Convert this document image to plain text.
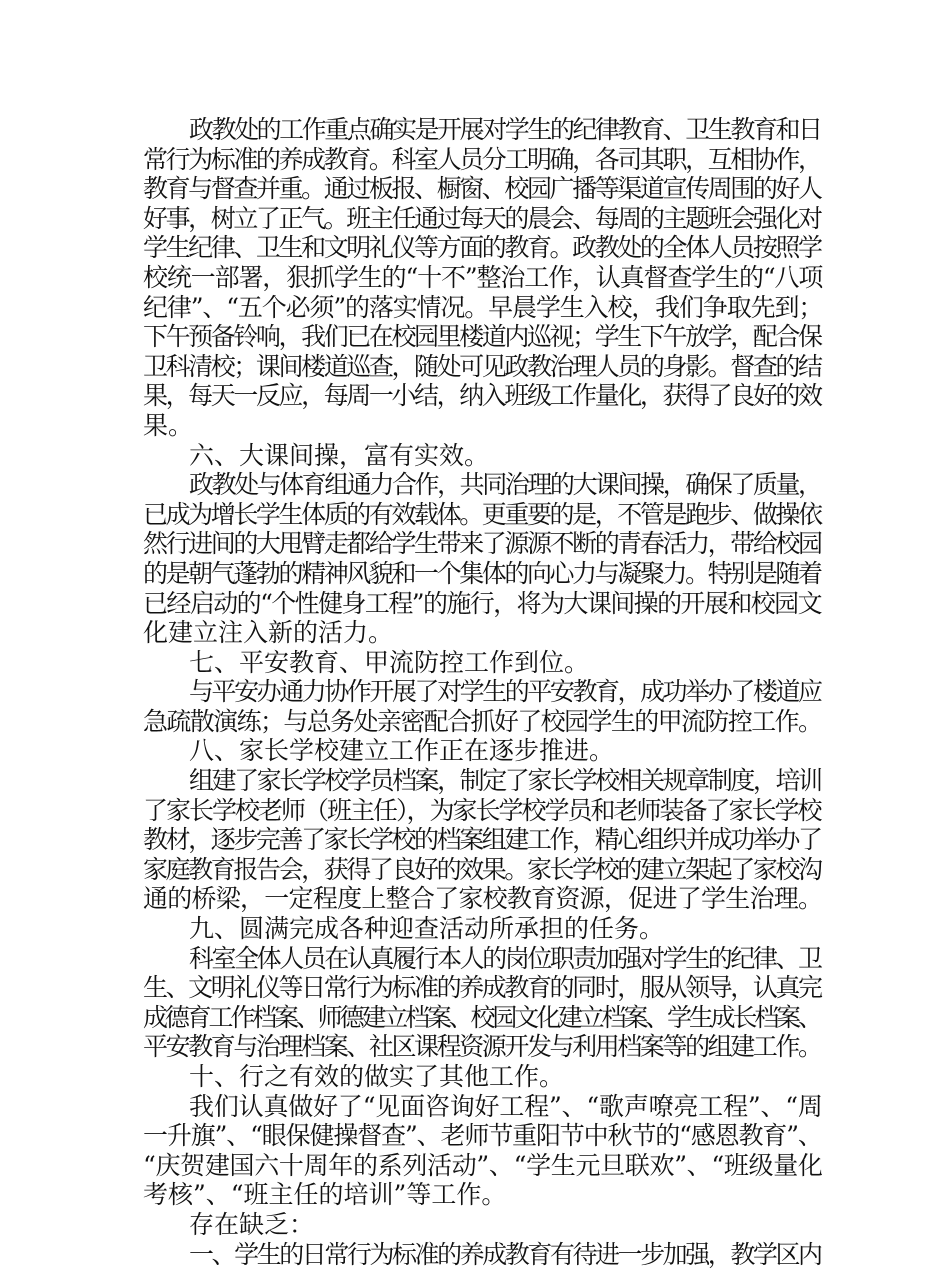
政教处的工作重点确实是开展对学生的纪律教育、卫生教育和日
常行为标准的养成教育。科室人员分工明确，各司其职，互相协作，
教育与督查并重。通过板报、橱窗、校园广播等渠道宣传周围的好人
好事，树立了正气。班主任通过每天的晨会、每周的主题班会强化对
学生纪律、卫生和文明礼仪等方面的教育。政教处的全体人员按照学
校统一部署，狠抓学生的“十不”整治工作，认真督查学生的“八项
纪律”、“五个必须”的落实情况。早晨学生入校，我们争取先到；
下午预备铃响，我们已在校园里楼道内巡视；学生下午放学，配合保
卫科清校；课间楼道巡查，随处可见政教治理人员的身影。督查的结
果，每天一反应，每周一小结，纳入班级工作量化，获得了良好的效
果。
六、大课间操，富有实效。
政教处与体育组通力合作，共同治理的大课间操，确保了质量，
已成为增长学生体质的有效载体。更重要的是，不管是跑步、做操依
然行进间的大甩臂走都给学生带来了源源不断的青春活力，带给校园
的是朝气蓬勃的精神风貌和一个集体的向心力与凝聚力。特别是随着
已经启动的“个性健身工程”的施行，将为大课间操的开展和校园文
化建立注入新的活力。
七、平安教育、甲流防控工作到位。
与平安办通力协作开展了对学生的平安教育，成功举办了楼道应
急疏散演练；与总务处亲密配合抓好了校园学生的甲流防控工作。
八、家长学校建立工作正在逐步推进。
组建了家长学校学员档案，制定了家长学校相关规章制度，培训
了家长学校老师（班主任），为家长学校学员和老师装备了家长学校
教材，逐步完善了家长学校的档案组建工作，精心组织并成功举办了
家庭教育报告会，获得了良好的效果。家长学校的建立架起了家校沟
通的桥梁，一定程度上整合了家校教育资源，促进了学生治理。
九、圆满完成各种迎查活动所承担的任务。
科室全体人员在认真履行本人的岗位职责加强对学生的纪律、卫
生、文明礼仪等日常行为标准的养成教育的同时，服从领导，认真完
成德育工作档案、师德建立档案、校园文化建立档案、学生成长档案、
平安教育与治理档案、社区课程资源开发与利用档案等的组建工作。
十、行之有效的做实了其他工作。
我们认真做好了“见面咨询好工程”、“歌声嘹亮工程”、“周
一升旗”、“眼保健操督查”、老师节重阳节中秋节的“感恩教育”、
“庆贺建国六十周年的系列活动”、“学生元旦联欢”、“班级量化
考核”、“班主任的培训”等工作。
存在缺乏：
一、学生的日常行为标准的养成教育有待进一步加强，教学区内
